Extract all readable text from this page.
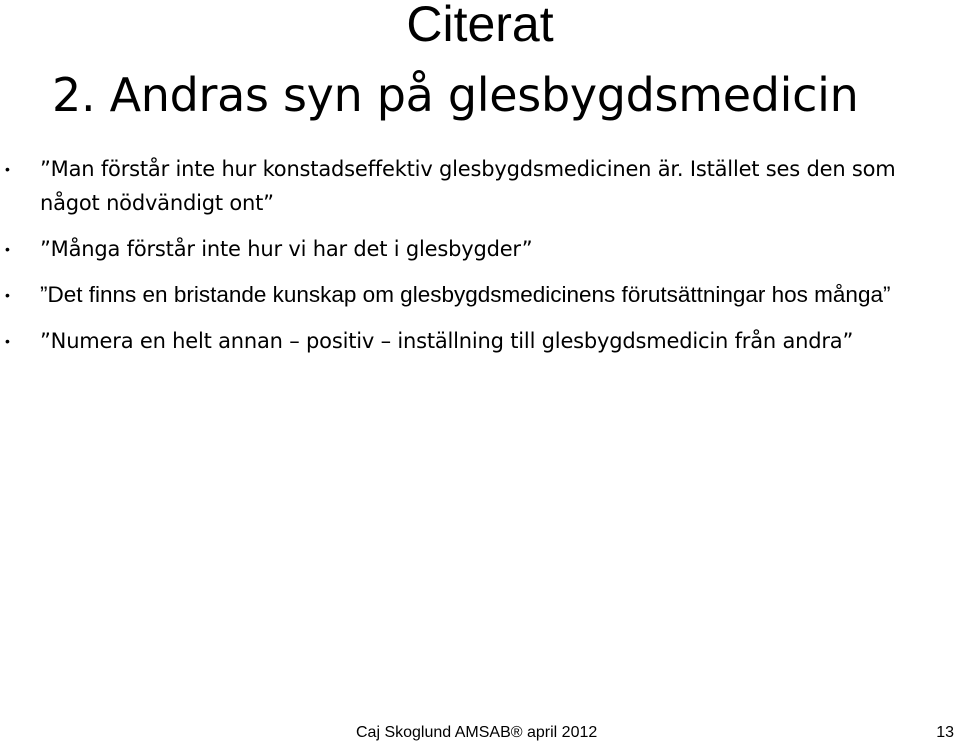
Citerat
2. Andras syn på glesbygdsmedicin
• ”Man förstår inte hur konstadseffektiv glesbygdsmedicinen är. Istället ses den som något nödvändigt ont”
• ”Många förstår inte hur vi har det i glesbygder”
• ”Det finns en bristande kunskap om glesbygdsmedicinens förutsättningar hos många”
• ”Numera en helt annan – positiv – inställning till glesbygdsmedicin från andra”
Caj Skoglund AMSAB® april 2012	13
